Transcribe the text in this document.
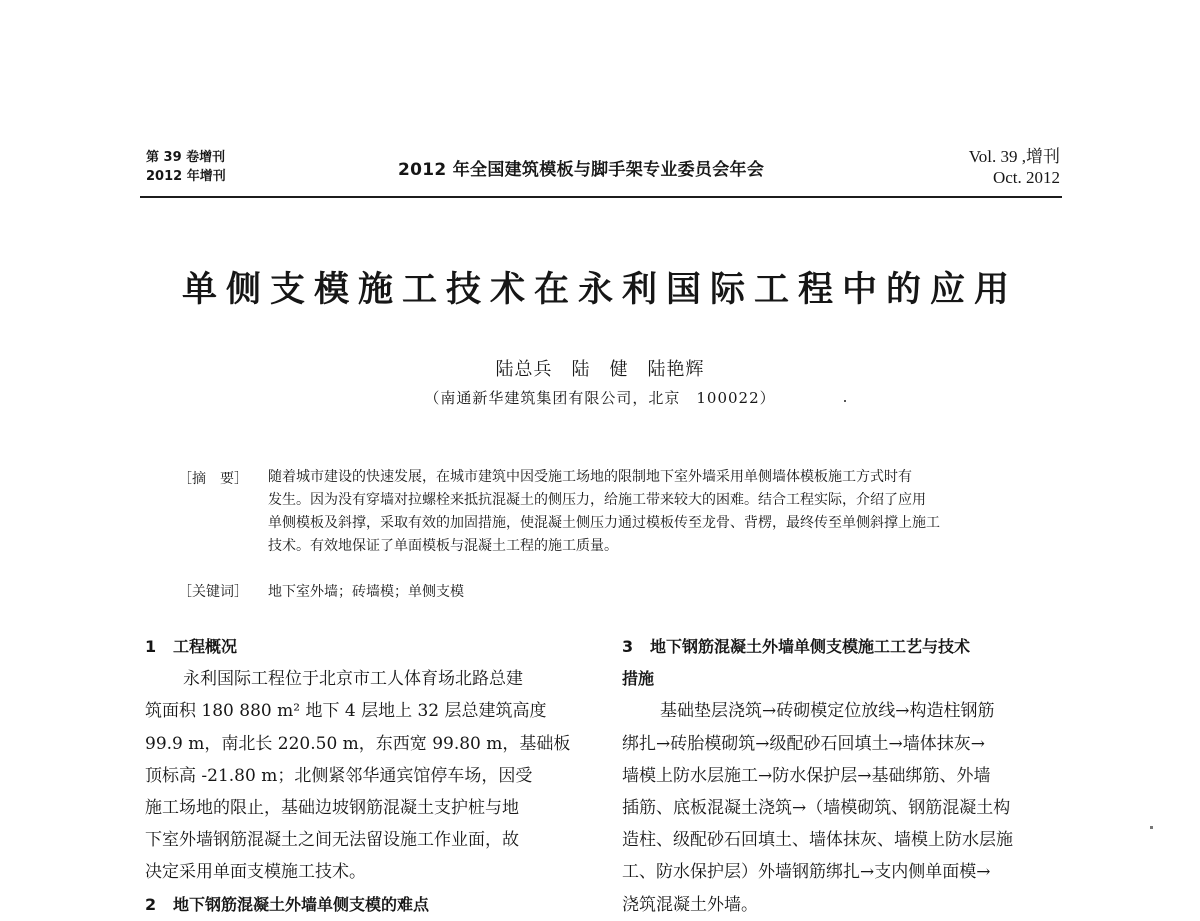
第 39 卷增刊
2012 年增刊	2012 年全国建筑模板与脚手架专业委员会年会
Vol. 39 ,增刊
Oct. 2012
单侧支模施工技术在永利国际工程中的应用
陆总兵　陆　健　陆艳辉
（南通新华建筑集团有限公司，北京　100022）
［摘　要］ 随着城市建设的快速发展，在城市建筑中因受施工场地的限制地下室外墙采用单侧墙体模板施工方式时有
发生。因为没有穿墙对拉螺栓来抵抗混凝土的侧压力，给施工带来较大的困难。结合工程实际，介绍了应用
单侧模板及斜撑，采取有效的加固措施，使混凝土侧压力通过模板传至龙骨、背楞，最终传至单侧斜撑上施工
技术。有效地保证了单面模板与混凝土工程的施工质量。
［关键词］ 地下室外墙；砖墙模；单侧支模
1 工程概况
永利国际工程位于北京市工人体育场北路总建
筑面积 180 880 m² 地下 4 层地上 32 层总建筑高度
99.9 m，南北长 220.50 m，东西宽 99.80 m，基础板
顶标高 -21.80 m；北侧紧邻华通宾馆停车场，因受
施工场地的限止，基础边坡钢筋混凝土支护桩与地
下室外墙钢筋混凝土之间无法留设施工作业面，故
决定采用单面支模施工技术。
2 地下钢筋混凝土外墙单侧支模的难点
3 地下钢筋混凝土外墙单侧支模施工工艺与技术
措施
基础垫层浇筑→砖砌模定位放线→构造柱钢筋
绑扎→砖胎模砌筑→级配砂石回填土→墙体抹灰→
墙模上防水层施工→防水保护层→基础绑筋、外墙
插筋、底板混凝土浇筑→（墙模砌筑、钢筋混凝土构
造柱、级配砂石回填土、墙体抹灰、墙模上防水层施
工、防水保护层）外墙钢筋绑扎→支内侧单面模→
浇筑混凝土外墙。
